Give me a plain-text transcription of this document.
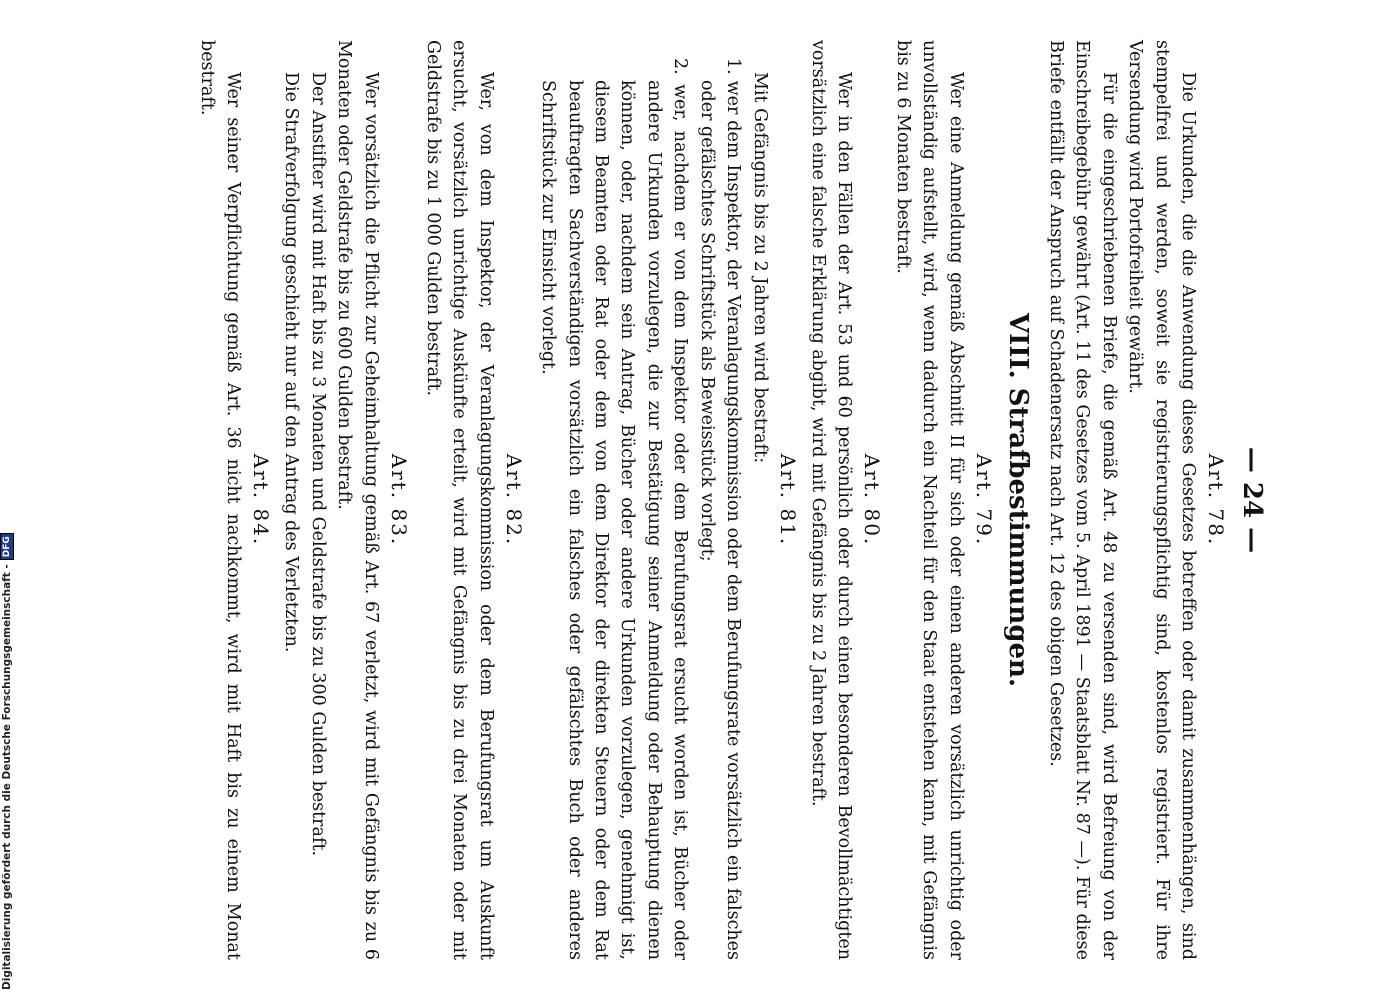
— 24 —
Art. 78.

Die Urkunden, die die Anwendung dieses Gesetzes betreffen oder damit zusammenhängen, sind stempelfrei und werden, soweit sie registrierungspflichtig sind, kostenlos registriert. Für ihre Versendung wird Portofreiheit gewährt.

Für die eingeschriebenen Briefe, die gemäß Art. 48 zu versenden sind, wird Befreiung von der Einschreibegebühr gewährt (Art. 11 des Gesetzes vom 5. April 1891 — Staatsblatt Nr. 87 —). Für diese Briefe entfällt der Anspruch auf Schadenersatz nach Art. 12 des obigen Gesetzes.

VIII. Strafbestimmungen.
Art. 79.

Wer eine Anmeldung gemäß Abschnitt II für sich oder einen anderen vorsätzlich unrichtig oder unvollständig aufstellt, wird, wenn dadurch ein Nachteil für den Staat entstehen kann, mit Gefängnis bis zu 6 Monaten bestraft.

Art. 80.

Wer in den Fällen der Art. 53 und 60 persönlich oder durch einen besonderen Bevollmächtigten vorsätzlich eine falsche Erklärung abgibt, wird mit Gefängnis bis zu 2 Jahren bestraft.

Art. 81.

Mit Gefängnis bis zu 2 Jahren wird bestraft:

1. wer dem Inspektor, der Veranlagungskommission oder dem Berufungsrate vorsätzlich ein falsches oder gefälschtes Schriftstück als Beweisstück vorlegt;

2. wer, nachdem er von dem Inspektor oder dem Berufungsrat ersucht worden ist, Bücher oder andere Urkunden vorzulegen, die zur Bestätigung seiner Anmeldung oder Behauptung dienen können, oder, nachdem sein Antrag, Bücher oder andere Urkunden vorzulegen, genehmigt ist, diesem Beamten oder Rat oder dem von dem Direktor der direkten Steuern oder dem Rat beauftragten Sachverständigen vorsätzlich ein falsches oder gefälschtes Buch oder anderes Schriftstück zur Einsicht vorlegt.

Art. 82.

Wer, von dem Inspektor, der Veranlagungskommission oder dem Berufungsrat um Auskunft ersucht, vorsätzlich unrichtige Auskünfte erteilt, wird mit Gefängnis bis zu drei Monaten oder mit Geldstrafe bis zu 1 000 Gulden bestraft.

Art. 83.

Wer vorsätzlich die Pflicht zur Geheimhaltung gemäß Art. 67 verletzt, wird mit Gefängnis bis zu 6 Monaten oder Geldstrafe bis zu 600 Gulden bestraft.

Der Anstifter wird mit Haft bis zu 3 Monaten und Geldstrafe bis zu 300 Gulden bestraft.

Die Strafverfolgung geschieht nur auf den Antrag des Verletzten.

Art. 84.

Wer seiner Verpflichtung gemäß Art. 36 nicht nachkommt, wird mit Haft bis zu einem Monat bestraft.

Digitalisierung gefördert durch die Deutsche Forschungsgemeinschaft -
DFG
